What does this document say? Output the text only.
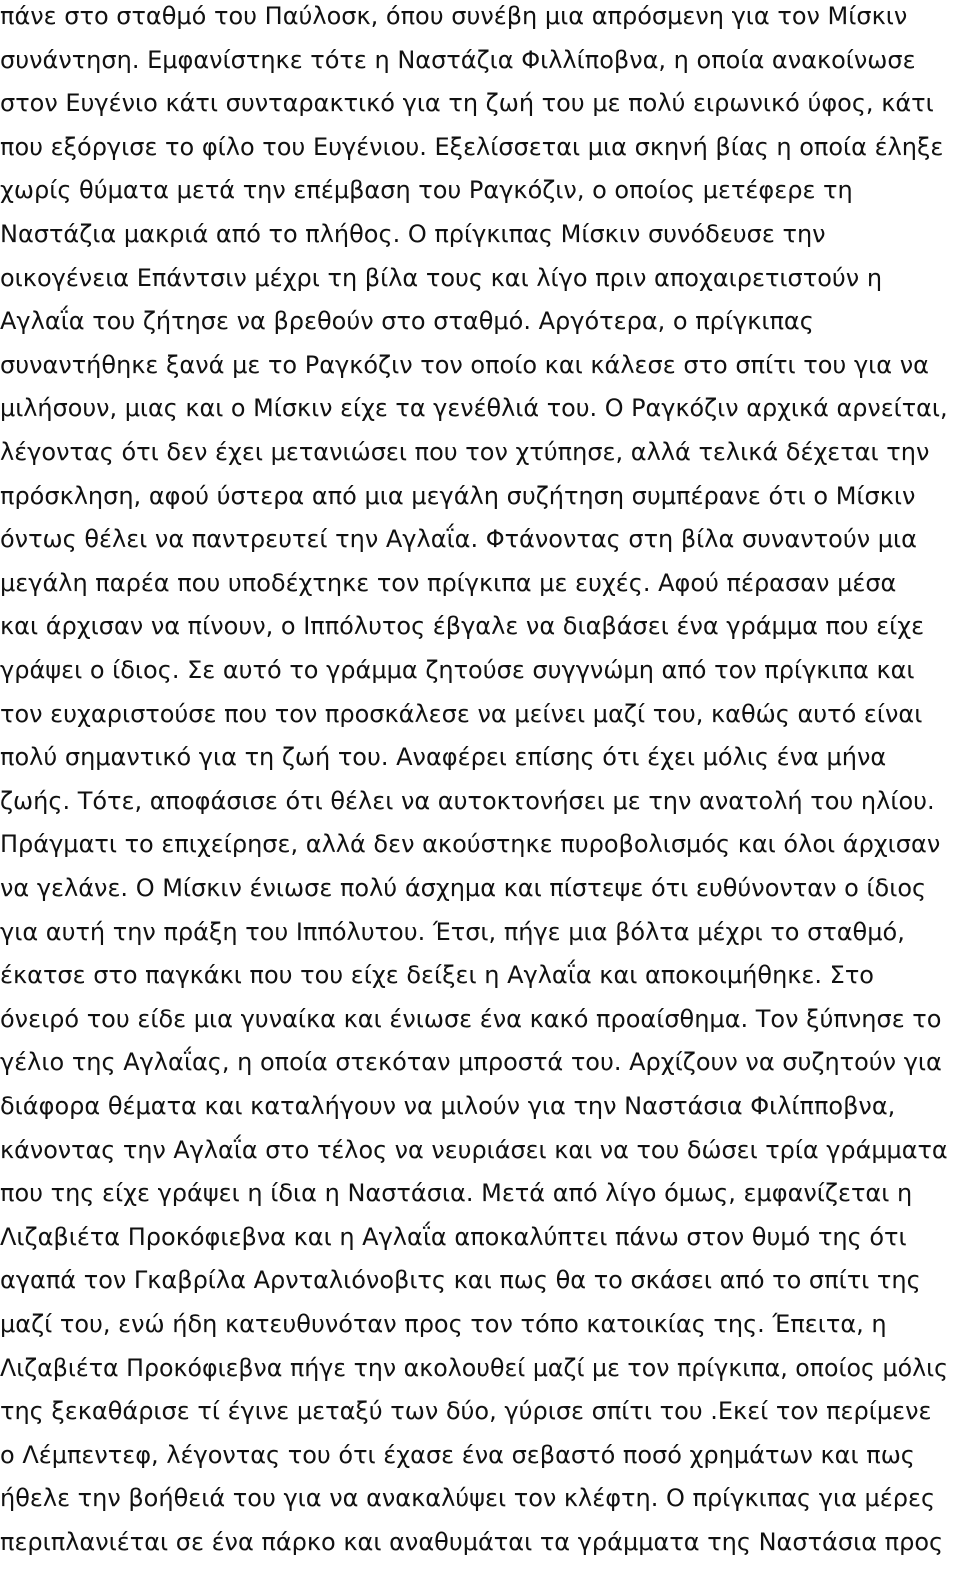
πάνε στο σταθμό του Παύλοσκ, όπου συνέβη μια απρόσμενη για τον Μίσκιν
συνάντηση. Εμφανίστηκε τότε η Ναστάζια Φιλλίποβνα, η οποία ανακοίνωσε
στον Ευγένιο κάτι συνταρακτικό για τη ζωή του με πολύ ειρωνικό ύφος, κάτι
που εξόργισε το φίλο του Ευγένιου. Εξελίσσεται μια σκηνή βίας η οποία έληξε
χωρίς θύματα μετά την επέμβαση του Ραγκόζιν, ο οποίος μετέφερε τη
Ναστάζια μακριά από το πλήθος. Ο πρίγκιπας Μίσκιν συνόδευσε την
οικογένεια Επάντσιν μέχρι τη βίλα τους και λίγο πριν αποχαιρετιστούν η
Αγλαΐα του ζήτησε να βρεθούν στο σταθμό. Αργότερα, ο πρίγκιπας
συναντήθηκε ξανά με το Ραγκόζιν τον οποίο και κάλεσε στο σπίτι του για να
μιλήσουν, μιας και ο Μίσκιν είχε τα γενέθλιά του. Ο Ραγκόζιν αρχικά αρνείται,
λέγοντας ότι δεν έχει μετανιώσει που τον χτύπησε, αλλά τελικά δέχεται την
πρόσκληση, αφού ύστερα από μια μεγάλη συζήτηση συμπέρανε ότι ο Μίσκιν
όντως θέλει να παντρευτεί την Αγλαΐα. Φτάνοντας στη βίλα συναντούν μια
μεγάλη παρέα που υποδέχτηκε τον πρίγκιπα με ευχές. Αφού πέρασαν μέσα
και άρχισαν να πίνουν, ο Ιππόλυτος έβγαλε να διαβάσει ένα γράμμα που είχε
γράψει ο ίδιος. Σε αυτό το γράμμα ζητούσε συγγνώμη από τον πρίγκιπα και
τον ευχαριστούσε που τον προσκάλεσε να μείνει μαζί του, καθώς αυτό είναι
πολύ σημαντικό για τη ζωή του. Αναφέρει επίσης ότι έχει μόλις ένα μήνα
ζωής. Τότε, αποφάσισε ότι θέλει να αυτοκτονήσει με την ανατολή του ηλίου.
Πράγματι το επιχείρησε, αλλά δεν ακούστηκε πυροβολισμός και όλοι άρχισαν
να γελάνε. Ο Μίσκιν ένιωσε πολύ άσχημα και πίστεψε ότι ευθύνονταν ο ίδιος
για αυτή την πράξη του Ιππόλυτου. Έτσι, πήγε μια βόλτα μέχρι το σταθμό,
έκατσε στο παγκάκι που του είχε δείξει η Αγλαΐα και αποκοιμήθηκε. Στο
όνειρό του είδε μια γυναίκα και ένιωσε ένα κακό προαίσθημα. Τον ξύπνησε το
γέλιο της Αγλαΐας, η οποία στεκόταν μπροστά του. Αρχίζουν να συζητούν για
διάφορα θέματα και καταλήγουν να μιλούν για την Ναστάσια Φιλίπποβνα,
κάνοντας την Αγλαΐα στο τέλος να νευριάσει και να του δώσει τρία γράμματα
που της είχε γράψει η ίδια η Ναστάσια. Μετά από λίγο όμως, εμφανίζεται η
Λιζαβιέτα Προκόφιεβνα και η Αγλαΐα αποκαλύπτει πάνω στον θυμό της ότι
αγαπά τον Γκαβρίλα Αρνταλιόνοβιτς και πως θα το σκάσει από το σπίτι της
μαζί του, ενώ ήδη κατευθυνόταν προς τον τόπο κατοικίας της. Έπειτα, η
Λιζαβιέτα Προκόφιεβνα πήγε την ακολουθεί μαζί με τον πρίγκιπα, οποίος μόλις
της ξεκαθάρισε τί έγινε μεταξύ των δύο, γύρισε σπίτι του .Εκεί τον περίμενε
ο Λέμπεντεφ, λέγοντας του ότι έχασε ένα σεβαστό ποσό χρημάτων και πως
ήθελε την βοήθειά του για να ανακαλύψει τον κλέφτη. Ο πρίγκιπας για μέρες
περιπλανιέται σε ένα πάρκο και αναθυμάται τα γράμματα της Ναστάσια προς
